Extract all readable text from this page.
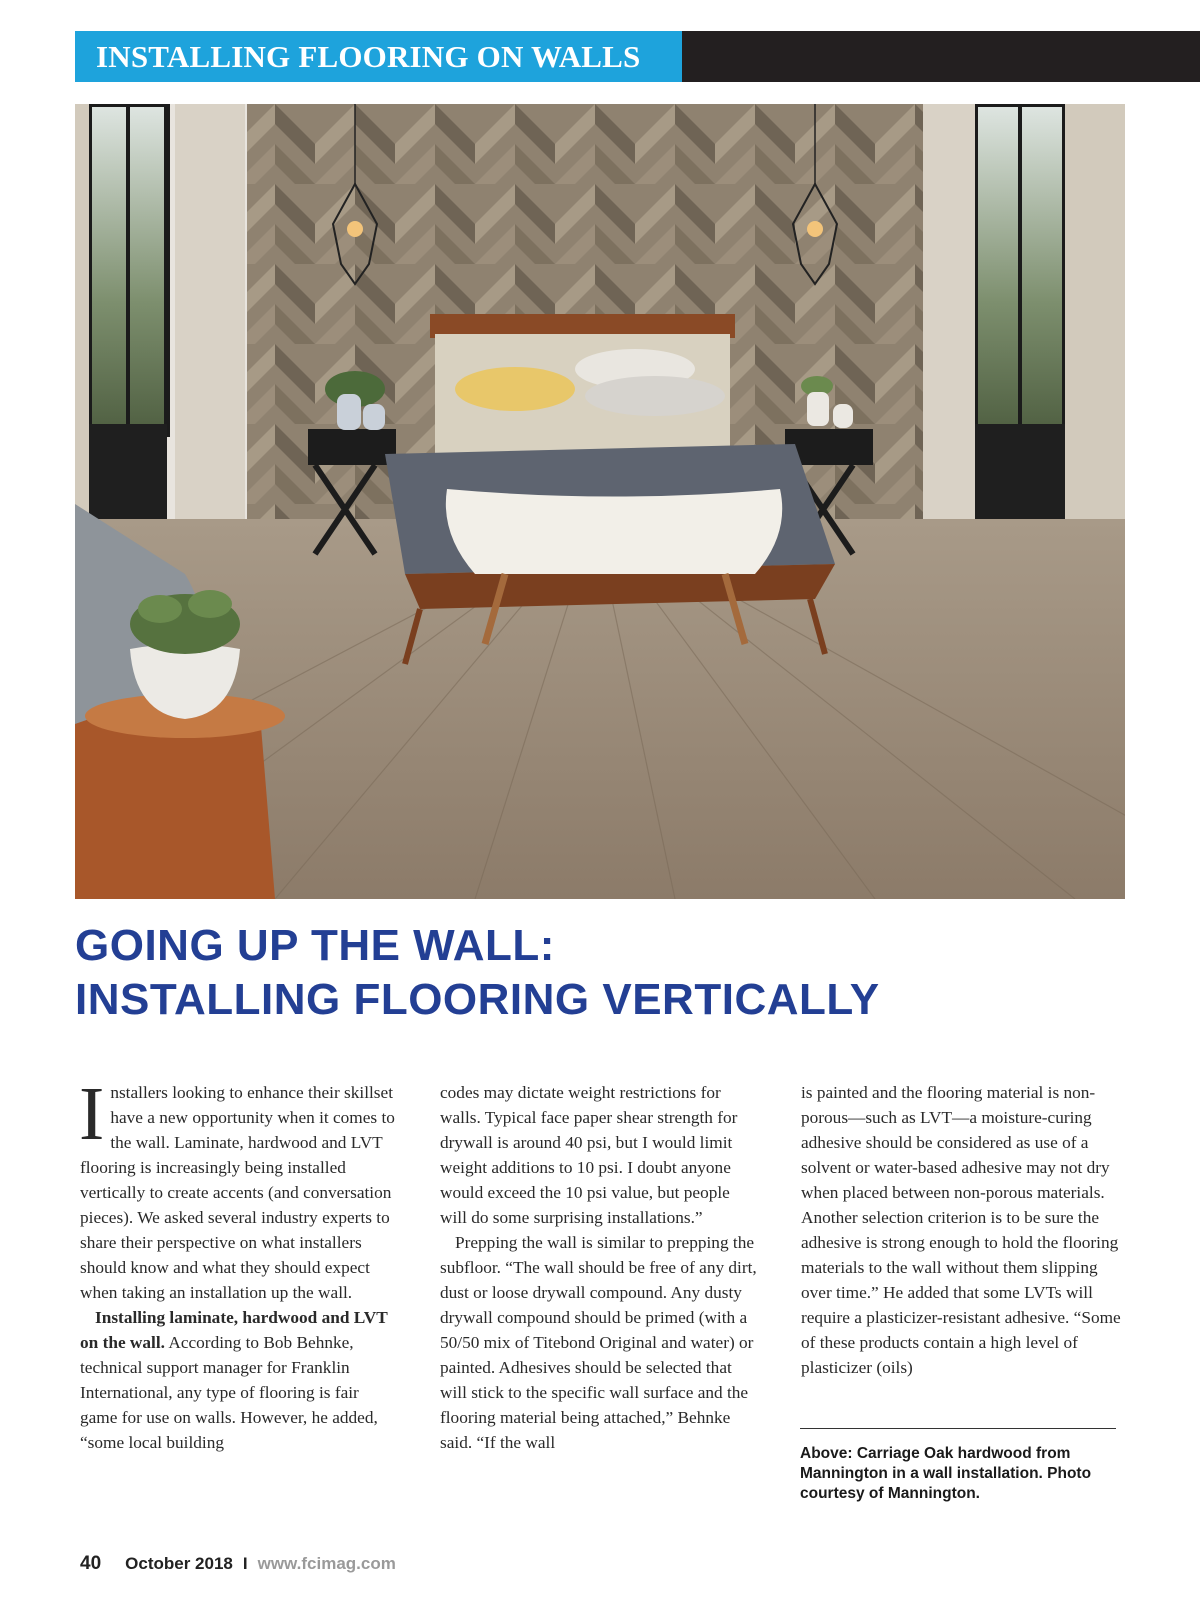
INSTALLING FLOORING ON WALLS
GOING UP THE WALL:
INSTALLING FLOORING VERTICALLY

Installers looking to enhance their skillset have a new opportunity when it comes to the wall. Laminate, hardwood and LVT flooring is increasingly being installed vertically to create accents (and conversation pieces). We asked several industry experts to share their perspective on what installers should know and what they should expect when taking an installation up the wall.

Installing laminate, hardwood and LVT on the wall. According to Bob Behnke, technical support manager for Franklin International, any type of flooring is fair game for use on walls. However, he added, “some local building

codes may dictate weight restrictions for walls. Typical face paper shear strength for drywall is around 40 psi, but I would limit weight additions to 10 psi. I doubt anyone would exceed the 10 psi value, but people will do some surprising installations.”

Prepping the wall is similar to prepping the subfloor. “The wall should be free of any dirt, dust or loose drywall compound. Any dusty drywall compound should be primed (with a 50/50 mix of Titebond Original and water) or painted. Adhesives should be selected that will stick to the specific wall surface and the flooring material being attached,” Behnke said. “If the wall

is painted and the flooring material is non-porous—such as LVT—a moisture-curing adhesive should be considered as use of a solvent or water-based adhesive may not dry when placed between non-porous materials. Another selection criterion is to be sure the adhesive is strong enough to hold the flooring materials to the wall without them slipping over time.” He added that some LVTs will require a plasticizer-resistant adhesive. “Some of these products contain a high level of plasticizer (oils)

Above: Carriage Oak hardwood from Mannington in a wall installation. Photo courtesy of Mannington.
40 October 2018 I www.fcimag.com
